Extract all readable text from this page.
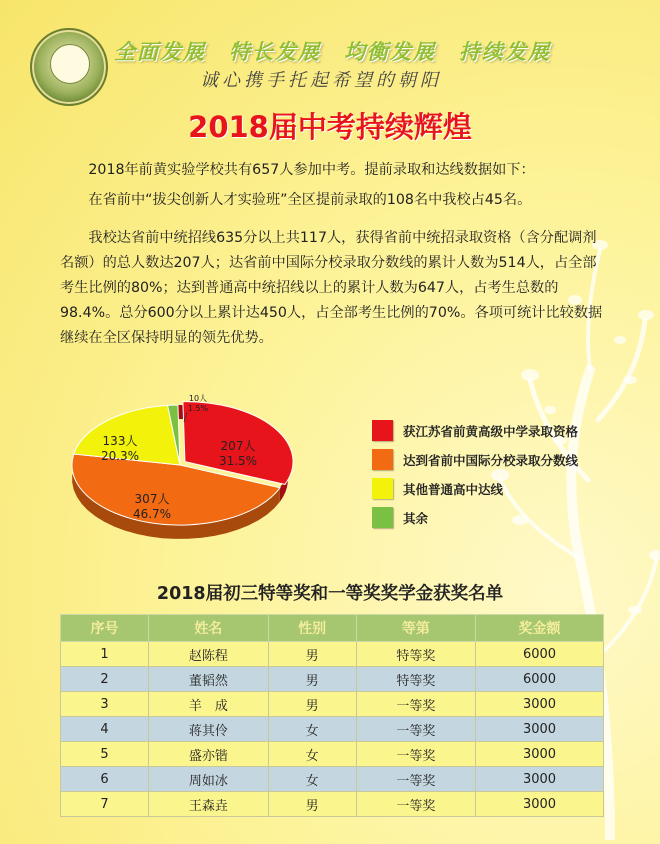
全面发展　特长发展　均衡发展　持续发展
诚心携手托起希望的朝阳
2018届中考持续辉煌
2018年前黄实验学校共有657人参加中考。提前录取和达线数据如下：
在省前中“拔尖创新人才实验班”全区提前录取的108名中我校占45名。
我校达省前中统招线635分以上共117人，获得省前中统招录取资格（含分配调剂名额）的总人数达207人；达省前中国际分校录取分数线的累计人数为514人，占全部考生比例的80%；达到普通高中统招线以上的累计人数为647人，占考生总数的98.4%。总分600分以上累计达450人，占全部考生比例的70%。各项可统计比较数据继续在全区保持明显的领先优势。
207人
31.5%
307人
46.7%
133人
20.3%
10人
1.5%
获江苏省前黄高级中学录取资格
达到省前中国际分校录取分数线
其他普通高中达线
其余
2018届初三特等奖和一等奖奖学金获奖名单
序号	姓名	性别	等第	奖金额
1	赵陈程	男	特等奖	6000
2	董韬然	男	特等奖	6000
3	羊　成	男	一等奖	3000
4	蒋其伶	女	一等奖	3000
5	盛亦锴	女	一等奖	3000
6	周如冰	女	一等奖	3000
7	王森垚	男	一等奖	3000
